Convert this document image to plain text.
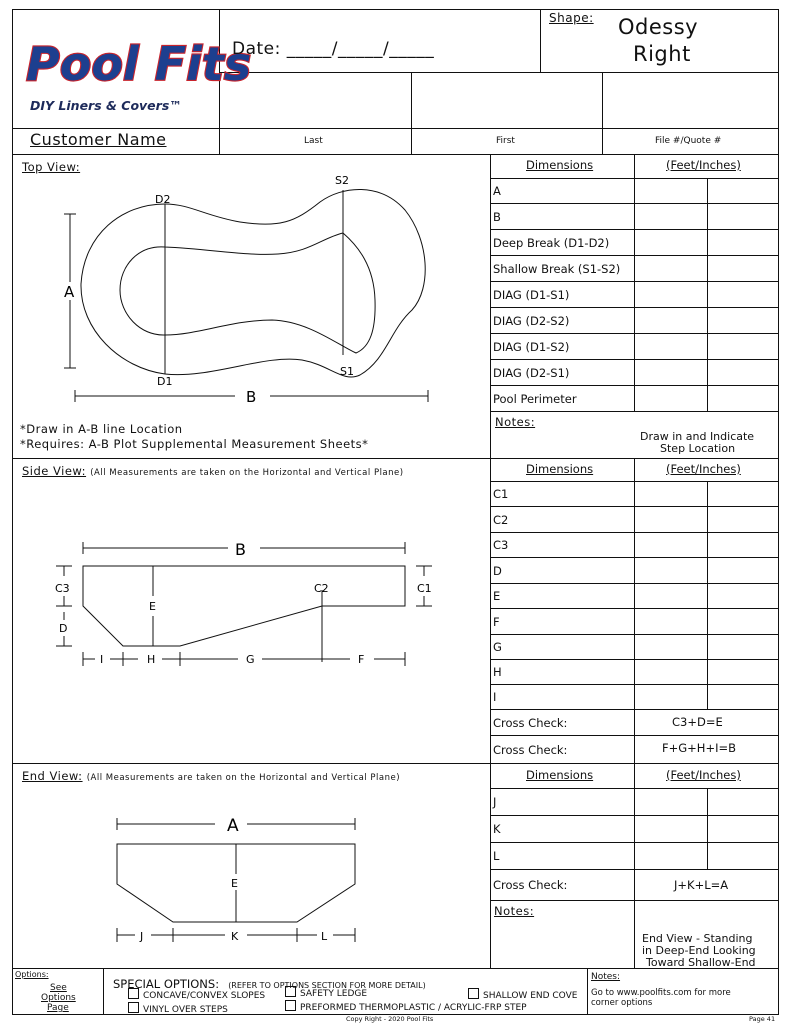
Pool Fits
DIY Liners & Covers™
Date: _____/_____/_____
Shape: Odessy
Right
Customer Name	Last	First	File #/Quote #
Top View:
A
D2
D1
S2
S1
B
*Draw in A-B line Location
*Requires: A-B Plot Supplemental Measurement Sheets*
Dimensions	(Feet/Inches)
A
B
Deep Break (D1-D2)
Shallow Break (S1-S2)
DIAG (D1-S1)
DIAG (D2-S2)
DIAG (D1-S2)
DIAG (D2-S1)
Pool Perimeter
Notes:
Draw in and Indicate
Step Location
Side View: (All Measurements are taken on the Horizontal and Vertical Plane)
B
C3	C2	C1
E
D
I	H	G	F
Dimensions	(Feet/Inches)
C1
C2
C3
D
E
F
G
H
I
Cross Check:	C3+D=E
Cross Check:	F+G+H+I=B
End View: (All Measurements are taken on the Horizontal and Vertical Plane)
A
E
J	K	L
Dimensions	(Feet/Inches)
J
K
L
Cross Check:	J+K+L=A
Notes:
End View - Standing
in Deep-End Looking
Toward Shallow-End
Options:
See
Options
Page
SPECIAL OPTIONS: (REFER TO OPTIONS SECTION FOR MORE DETAIL)
CONCAVE/CONVEX SLOPES	SAFETY LEDGE	SHALLOW END COVE
VINYL OVER STEPS	PREFORMED THERMOPLASTIC / ACRYLIC-FRP STEP
Notes:
Go to www.poolfits.com for more
corner options
Copy Right - 2020 Pool Fits	Page 41
